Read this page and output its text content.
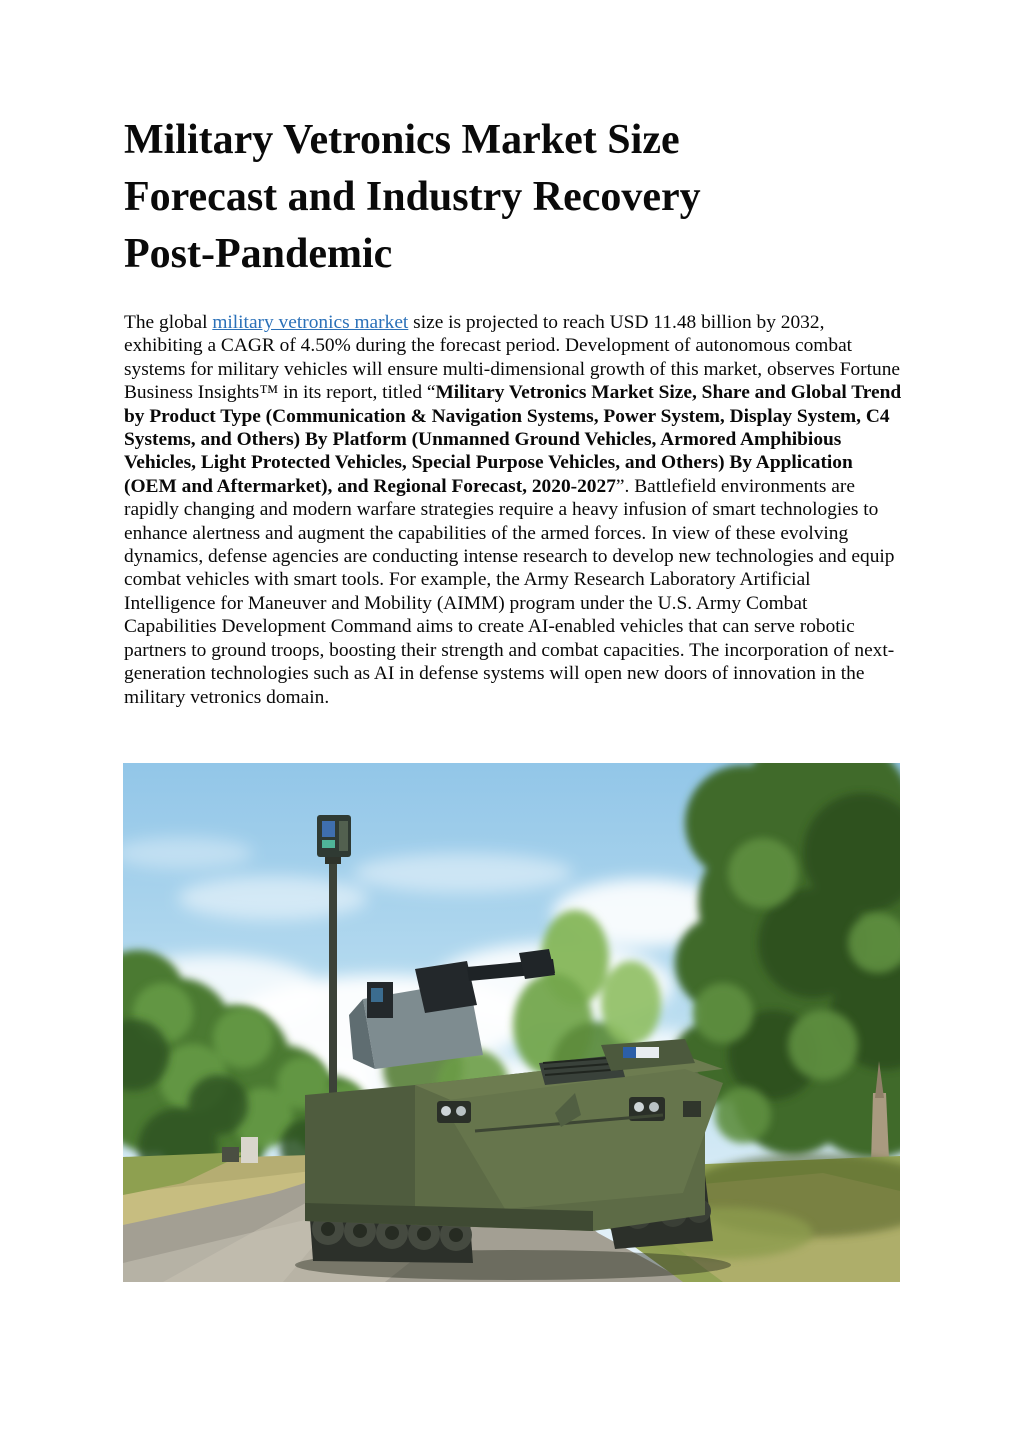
Military Vetronics Market Size
Forecast and Industry Recovery
Post-Pandemic

The global military vetronics market size is projected to reach USD 11.48 billion by 2032, exhibiting a CAGR of 4.50% during the forecast period. Development of autonomous combat systems for military vehicles will ensure multi-dimensional growth of this market, observes Fortune Business Insights™ in its report, titled “Military Vetronics Market Size, Share and Global Trend by Product Type (Communication & Navigation Systems, Power System, Display System, C4 Systems, and Others) By Platform (Unmanned Ground Vehicles, Armored Amphibious Vehicles, Light Protected Vehicles, Special Purpose Vehicles, and Others) By Application (OEM and Aftermarket), and Regional Forecast, 2020-2027”. Battlefield environments are rapidly changing and modern warfare strategies require a heavy infusion of smart technologies to enhance alertness and augment the capabilities of the armed forces. In view of these evolving dynamics, defense agencies are conducting intense research to develop new technologies and equip combat vehicles with smart tools. For example, the Army Research Laboratory Artificial Intelligence for Maneuver and Mobility (AIMM) program under the U.S. Army Combat Capabilities Development Command aims to create AI-enabled vehicles that can serve robotic partners to ground troops, boosting their strength and combat capacities. The incorporation of next-generation technologies such as AI in defense systems will open new doors of innovation in the military vetronics domain.
